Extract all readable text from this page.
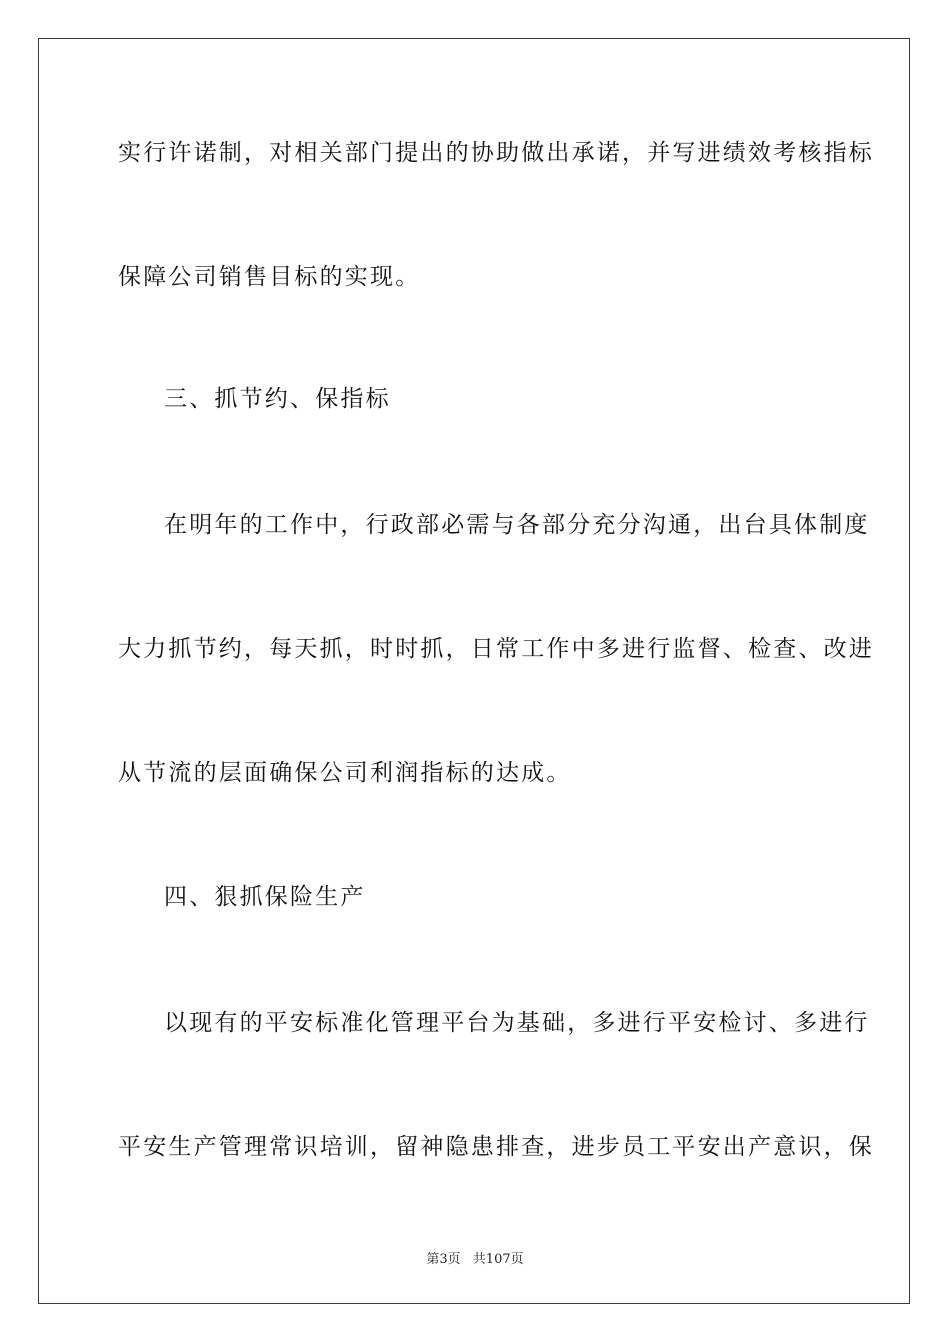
实行许诺制，对相关部门提出的协助做出承诺，并写进绩效考核指标
保障公司销售目标的实现。
三、抓节约、保指标
在明年的工作中，行政部必需与各部分充分沟通，出台具体制度
大力抓节约，每天抓，时时抓，日常工作中多进行监督、检查、改进
从节流的层面确保公司利润指标的达成。
四、狠抓保险生产
以现有的平安标准化管理平台为基础，多进行平安检讨、多进行
平安生产管理常识培训，留神隐患排查，进步员工平安出产意识，保
第3页 共107页
